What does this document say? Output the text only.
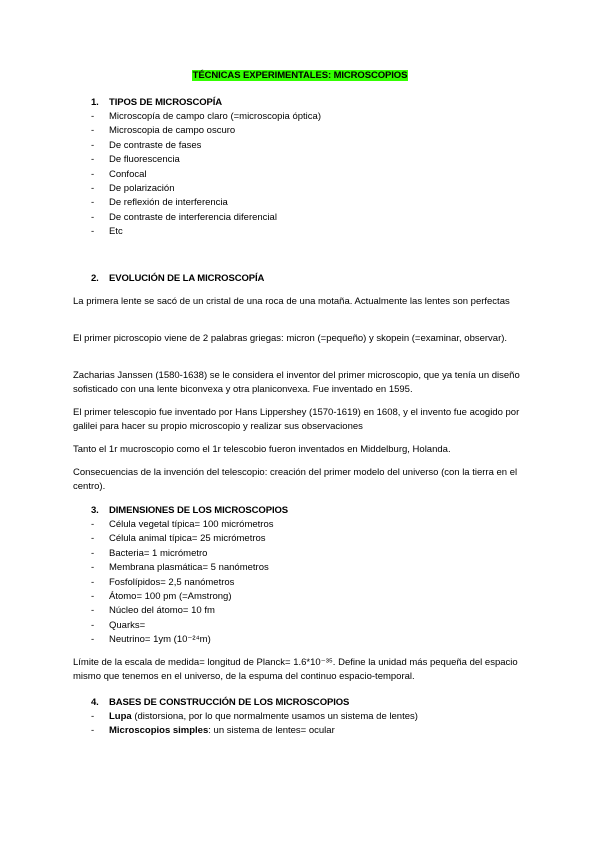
TÉCNICAS EXPERIMENTALES: MICROSCOPIOS
1. TIPOS DE MICROSCOPÍA
- Microscopía de campo claro (=microscopia óptica)
- Microscopia de campo oscuro
- De contraste de fases
- De fluorescencia
- Confocal
- De polarización
- De reflexión de interferencia
- De contraste de interferencia diferencial
- Etc
2. EVOLUCIÓN DE LA MICROSCOPÍA

La primera lente se sacó de un cristal de una roca de una motaña. Actualmente las lentes son perfectas

El primer picroscopio viene de 2 palabras griegas: micron (=pequeño) y skopein (=examinar, observar).

Zacharias Janssen (1580-1638) se le considera el inventor del primer microscopio, que ya tenía un diseño sofisticado con una lente biconvexa y otra planiconvexa. Fue inventado en 1595.

El primer telescopio fue inventado por Hans Lippershey (1570-1619) en 1608, y el invento fue acogido por galilei para hacer su propio microscopio y realizar sus observaciones

Tanto el 1r mucroscopio como el 1r telescobio fueron inventados en Middelburg, Holanda.

Consecuencias de la invención del telescopio: creación del primer modelo del universo (con la tierra en el centro).

3. DIMENSIONES DE LOS MICROSCOPIOS
- Célula vegetal típica= 100 micrómetros
- Célula animal típica= 25 micrómetros
- Bacteria= 1 micrómetro
- Membrana plasmática= 5 nanómetros
- Fosfolípidos= 2,5 nanómetros
- Átomo= 100 pm (=Amstrong)
- Núcleo del átomo= 10 fm
- Quarks=
- Neutrino= 1ym (10⁻²⁴m)

Límite de la escala de medida= longitud de Planck= 1.6*10⁻³⁵. Define la unidad más pequeña del espacio mismo que tenemos en el universo, de la espuma del continuo espacio-temporal.

4. BASES DE CONSTRUCCIÓN DE LOS MICROSCOPIOS
- Lupa (distorsiona, por lo que normalmente usamos un sistema de lentes)
- Microscopios simples: un sistema de lentes= ocular
